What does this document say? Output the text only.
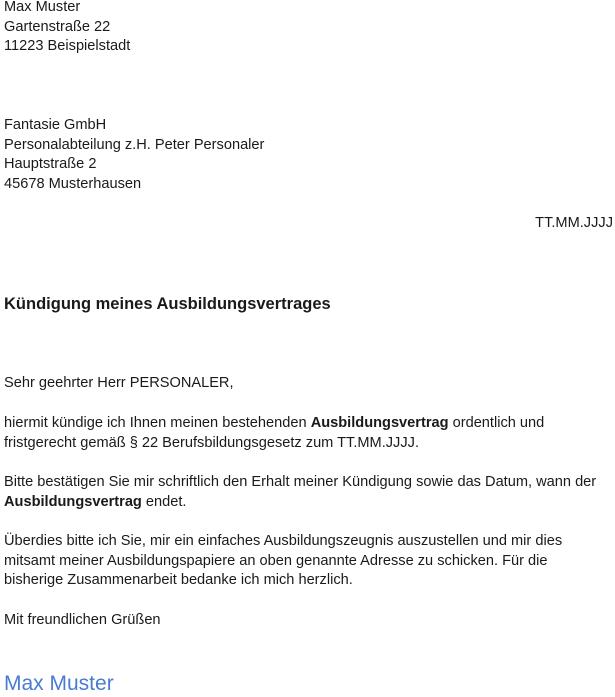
Max Muster
Gartenstraße 22
11223 Beispielstadt
Fantasie GmbH
Personalabteilung z.H. Peter Personaler
Hauptstraße 2
45678 Musterhausen
TT.MM.JJJJ
Kündigung meines Ausbildungsvertrages
Sehr geehrter Herr PERSONALER,
hiermit kündige ich Ihnen meinen bestehenden Ausbildungsvertrag ordentlich und
fristgerecht gemäß § 22 Berufsbildungsgesetz zum TT.MM.JJJJ.
Bitte bestätigen Sie mir schriftlich den Erhalt meiner Kündigung sowie das Datum, wann der
Ausbildungsvertrag endet.
Überdies bitte ich Sie, mir ein einfaches Ausbildungszeugnis auszustellen und mir dies
mitsamt meiner Ausbildungspapiere an oben genannte Adresse zu schicken. Für die
bisherige Zusammenarbeit bedanke ich mich herzlich.
Mit freundlichen Grüßen
Max Muster
